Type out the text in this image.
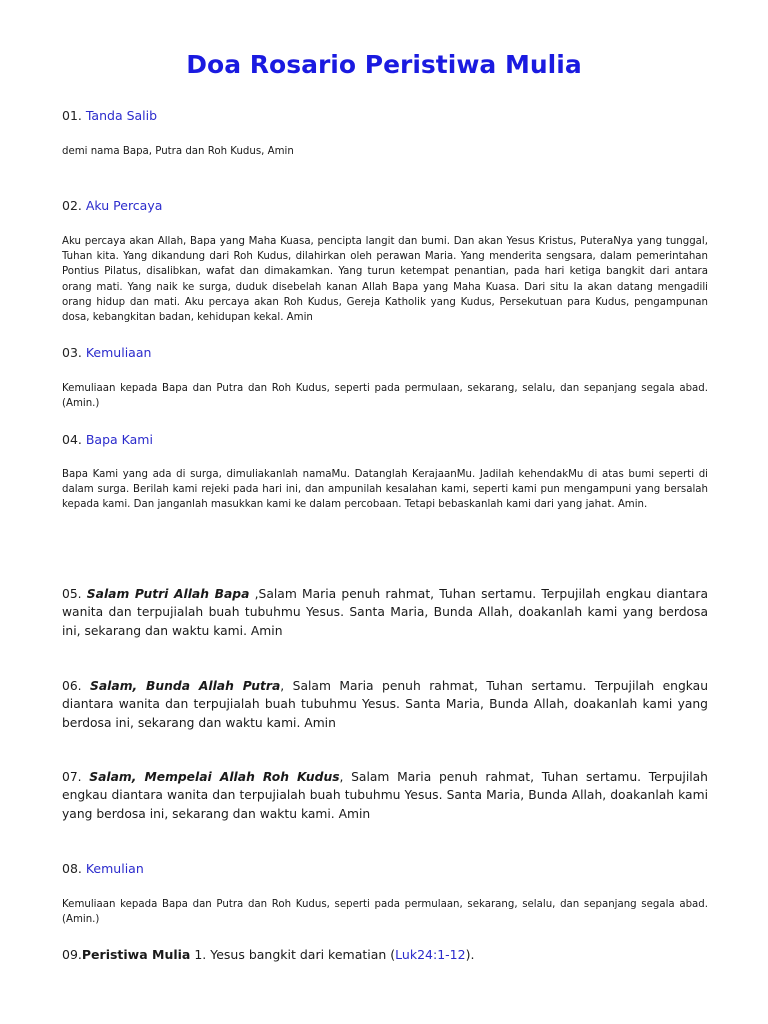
Doa Rosario Peristiwa Mulia
01. Tanda Salib

demi nama Bapa, Putra dan Roh Kudus, Amin

02. Aku Percaya

Aku percaya akan Allah, Bapa yang Maha Kuasa, pencipta langit dan bumi. Dan akan Yesus Kristus, PuteraNya yang tunggal, Tuhan kita. Yang dikandung dari Roh Kudus, dilahirkan oleh perawan Maria. Yang menderita sengsara, dalam pemerintahan Pontius Pilatus, disalibkan, wafat dan dimakamkan. Yang turun ketempat penantian, pada hari ketiga bangkit dari antara orang mati. Yang naik ke surga, duduk disebelah kanan Allah Bapa yang Maha Kuasa. Dari situ Ia akan datang mengadili orang hidup dan mati. Aku percaya akan Roh Kudus, Gereja Katholik yang Kudus, Persekutuan para Kudus, pengampunan dosa, kebangkitan badan, kehidupan kekal. Amin

03. Kemuliaan

Kemuliaan kepada Bapa dan Putra dan Roh Kudus, seperti pada permulaan, sekarang, selalu, dan sepanjang segala abad. (Amin.)

04. Bapa Kami

Bapa Kami yang ada di surga, dimuliakanlah namaMu. Datanglah KerajaanMu. Jadilah kehendakMu di atas bumi seperti di dalam surga. Berilah kami rejeki pada hari ini, dan ampunilah kesalahan kami, seperti kami pun mengampuni yang bersalah kepada kami. Dan janganlah masukkan kami ke dalam percobaan. Tetapi bebaskanlah kami dari yang jahat. Amin.

05. Salam Putri Allah Bapa ,Salam Maria penuh rahmat, Tuhan sertamu. Terpujilah engkau diantara wanita dan terpujialah buah tubuhmu Yesus. Santa Maria, Bunda Allah, doakanlah kami yang berdosa ini, sekarang dan waktu kami. Amin

06. Salam, Bunda Allah Putra, Salam Maria penuh rahmat, Tuhan sertamu. Terpujilah engkau diantara wanita dan terpujialah buah tubuhmu Yesus. Santa Maria, Bunda Allah, doakanlah kami yang berdosa ini, sekarang dan waktu kami. Amin

07. Salam, Mempelai Allah Roh Kudus, Salam Maria penuh rahmat, Tuhan sertamu. Terpujilah engkau diantara wanita dan terpujialah buah tubuhmu Yesus. Santa Maria, Bunda Allah, doakanlah kami yang berdosa ini, sekarang dan waktu kami. Amin

08. Kemulian

Kemuliaan kepada Bapa dan Putra dan Roh Kudus, seperti pada permulaan, sekarang, selalu, dan sepanjang segala abad. (Amin.)

09.Peristiwa Mulia 1. Yesus bangkit dari kematian (Luk24:1-12).
